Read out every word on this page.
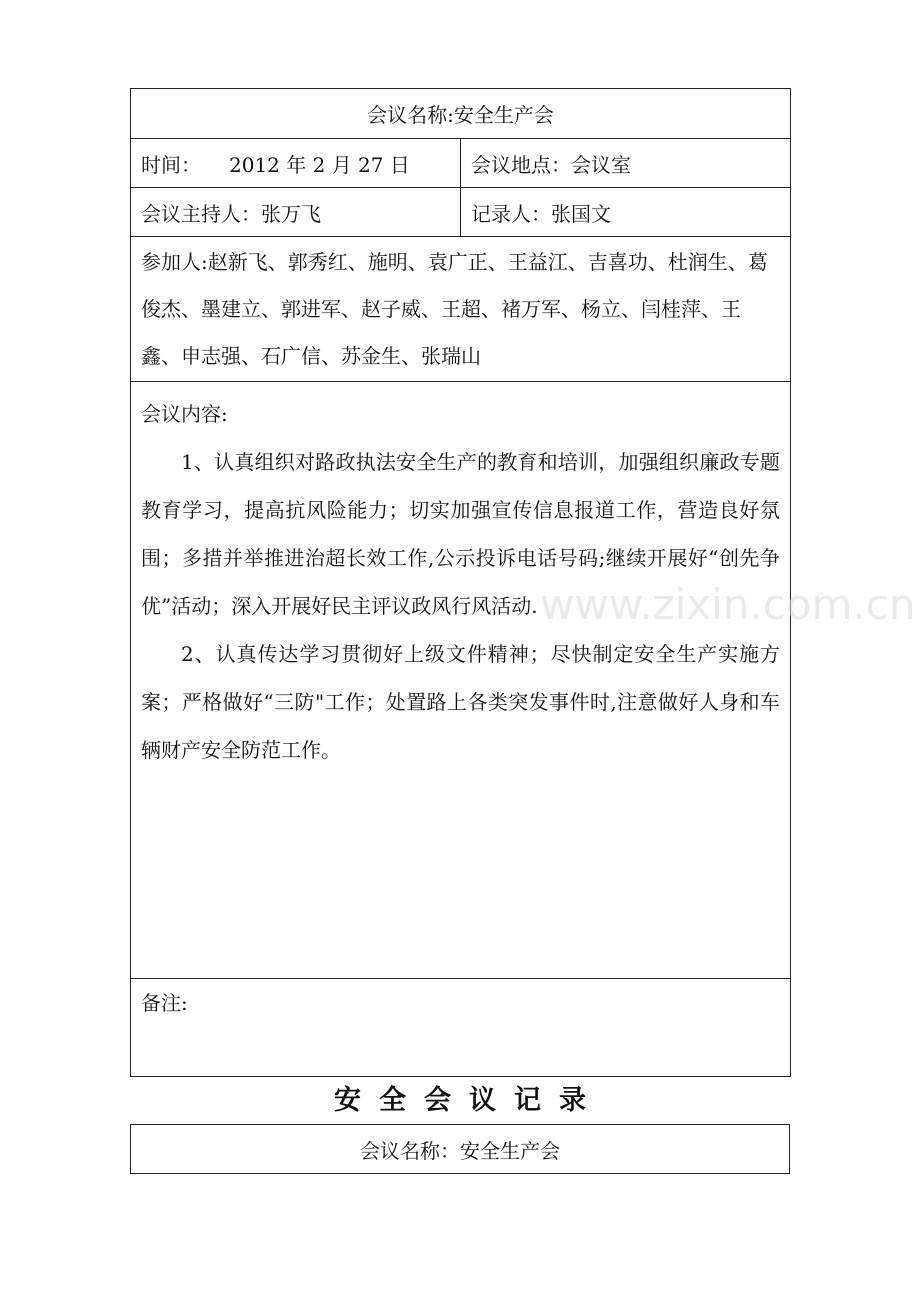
会议名称:安全生产会	
时间： 2012 年 2 月 27 日	会议地点：会议室
会议主持人：张万飞	记录人：张国文
参加人:赵新飞、郭秀红、施明、袁广正、王益江、吉喜功、杜润生、葛俊杰、墨建立、郭进军、赵子威、王超、褚万军、杨立、闫桂萍、王鑫、申志强、石广信、苏金生、张瑞山	

会议内容:

1、认真组织对路政执法安全生产的教育和培训，加强组织廉政专题教育学习，提高抗风险能力；切实加强宣传信息报道工作，营造良好氛围；多措并举推进治超长效工作,公示投诉电话号码;继续开展好“创先争优”活动；深入开展好民主评议政风行风活动.

2、认真传达学习贯彻好上级文件精神；尽快制定安全生产实施方案；严格做好“三防"工作；处置路上各类突发事件时,注意做好人身和车辆财产安全防范工作。	

备注:	
安全会议记录
会议名称：安全生产会
www.zixin.com.cn
